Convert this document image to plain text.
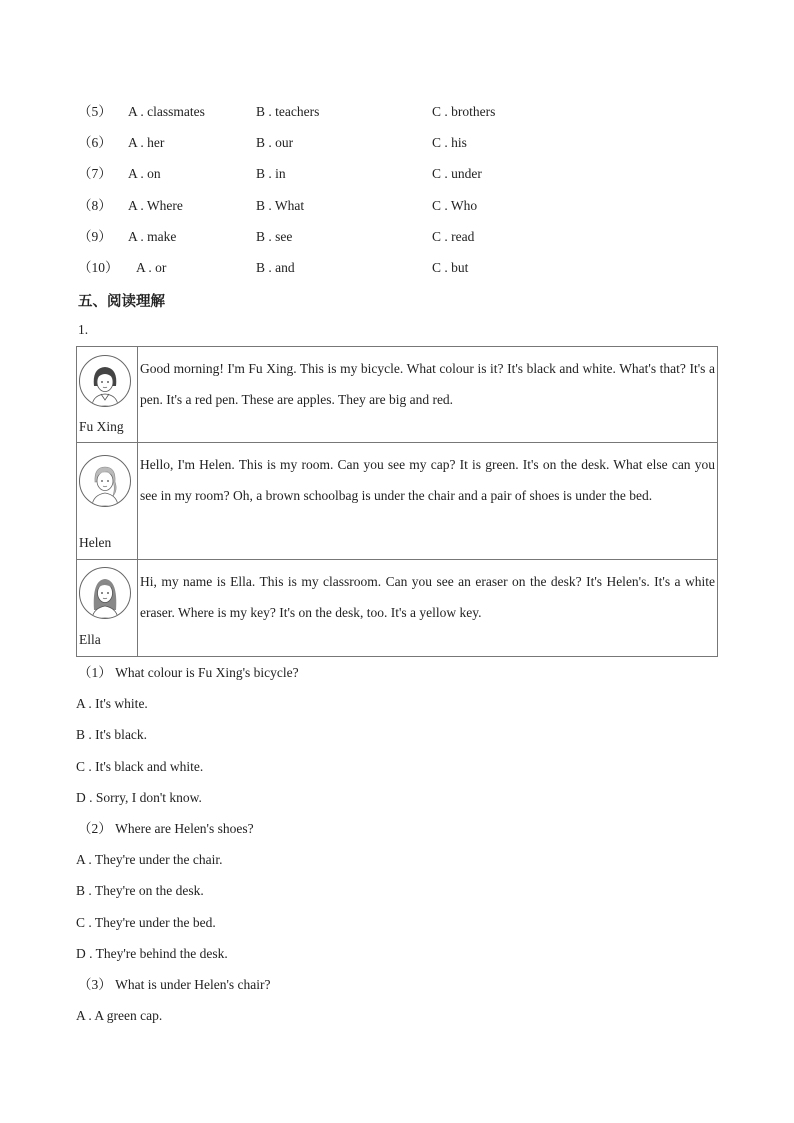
（5） A . classmates	B . teachers	C . brothers
（6） A . her	B . our	C . his
（7） A . on	B . in	C . under
（8） A . Where	B . What	C . Who
（9） A . make	B . see	C . read
（10） A . or	B . and	C . but
五、阅读理解
1.
Fu Xing	Good morning! I'm Fu Xing. This is my bicycle. What colour is it? It's black and white. What's that? It's a pen. It's a red pen. These are apples. They are big and red.

Helen	Hello, I'm Helen. This is my room. Can you see my cap? It is green. It's on the desk. What else can you see in my room? Oh, a brown schoolbag is under the chair and a pair of shoes is under the bed.

Ella	Hi, my name is Ella. This is my classroom. Can you see an eraser on the desk? It's Helen's. It's a white eraser. Where is my key? It's on the desk, too. It's a yellow key.
（1） What colour is Fu Xing's bicycle?
A . It's white.
B . It's black.
C . It's black and white.
D . Sorry, I don't know.
（2） Where are Helen's shoes?
A . They're under the chair.
B . They're on the desk.
C . They're under the bed.
D . They're behind the desk.
（3） What is under Helen's chair?
A . A green cap.
